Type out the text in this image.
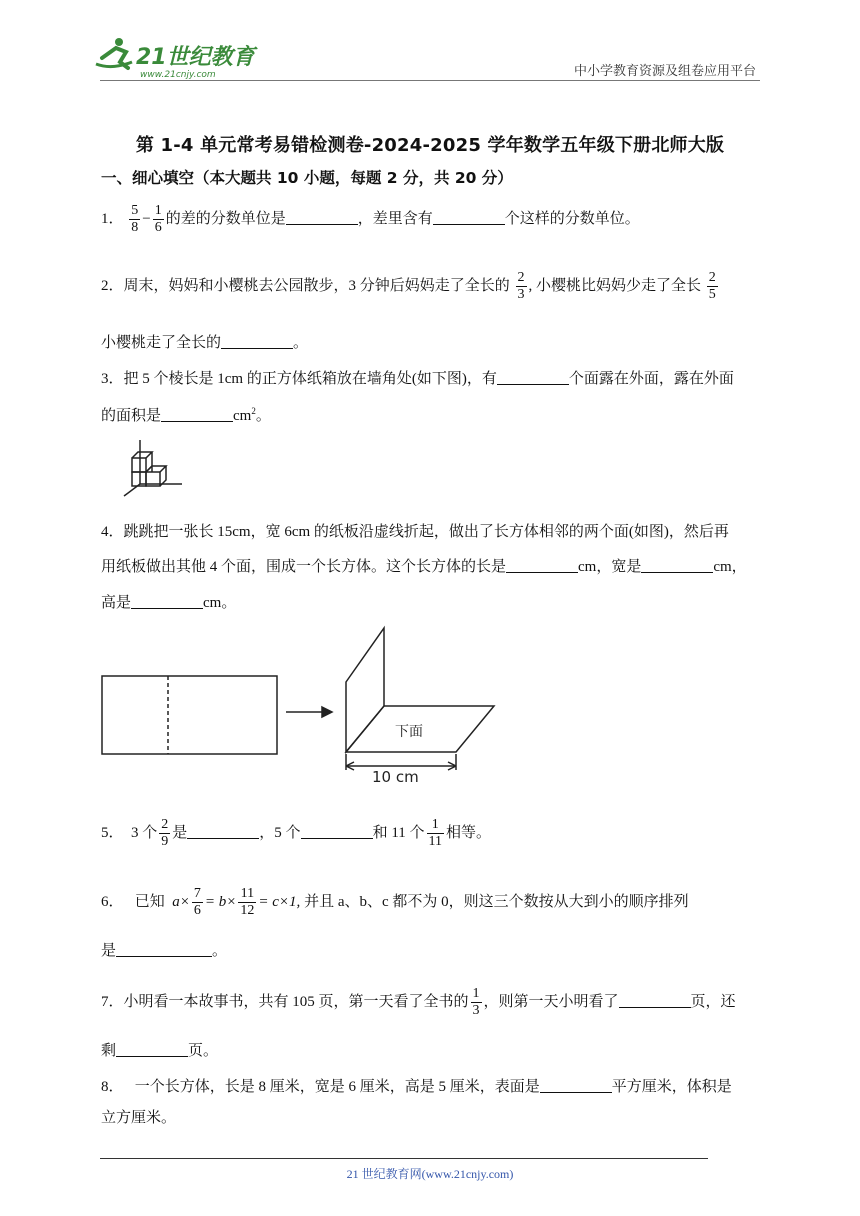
21世纪教育
www.21cnjy.com	中小学教育资源及组卷应用平台
第 1-4 单元常考易错检测卷-2024-2025 学年数学五年级下册北师大版
一、细心填空（本大题共 10 小题，每题 2 分，共 20 分）
1． $\frac{5}{8} - \frac{1}{6}$ 的差的分数单位是	，差里含有	个这样的分数单位。
2．周末，妈妈和小樱桃去公园散步，3 分钟后妈妈走了全长的 $\frac{2}{3}$ , 小樱桃比妈妈少走了全长 $\frac{2}{5}$
小樱桃走了全长的	。
3．把 5 个棱长是 1cm 的正方体纸箱放在墙角处(如下图)，有	个面露在外面，露在外面
的面积是	$cm^2$。
4．跳跳把一张长 15cm，宽 6cm 的纸板沿虚线折起，做出了长方体相邻的两个面(如图)，然后再
用纸板做出其他 4 个面，围成一个长方体。这个长方体的长是	cm，宽是	cm，
高是	cm。
下面
10 cm
5． 3 个 $\frac{2}{9}$ 是	，5 个	和 11 个 $\frac{1}{11}$ 相等。
6． 已知 $a\times \frac{7}{6} = b\times \frac{11}{12} = c\times 1$, 并且 a、b、c 都不为 0，则这三个数按从大到小的顺序排列
是	。
7．小明看一本故事书，共有 105 页，第一天看了全书的 $\frac{1}{3}$ ，则第一天小明看了	页，还
剩	页。
8． 一个长方体，长是 8 厘米，宽是 6 厘米，高是 5 厘米，表面是	平方厘米，体积是
立方厘米。
21 世纪教育网(www.21cnjy.com)
